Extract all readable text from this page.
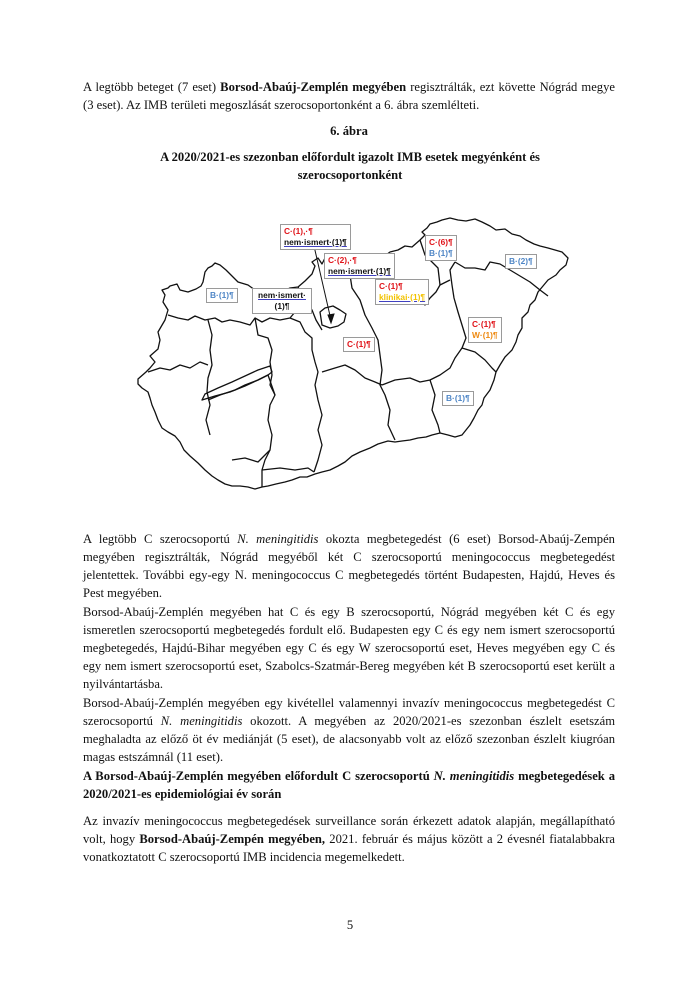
A legtöbb beteget (7 eset) Borsod-Abaúj-Zemplén megyében regisztrálták, ezt követte Nógrád megye (3 eset). Az IMB területi megoszlását szerocsoportonként a 6. ábra szemlélteti.

6. ábra

A 2020/2021-es szezonban előfordult igazolt IMB esetek megyénként és
szerocsoportonként

C·(1),·¶
nem·ismert·(1)¶
C·(2),·¶
nem·ismert·(1)¶
nem·ismert·
(1)¶
B·(1)¶
C·(1)¶
klinikai·(1)¶
C·(6)¶
B·(1)¶
B·(2)¶
C·(1)¶
W·(1)¶
C·(1)¶
B·(1)¶

A legtöbb C szerocsoportú N. meningitidis okozta megbetegedést (6 eset) Borsod-Abaúj-Zempén megyében regisztrálták, Nógrád megyéből két C szerocsoportú meningococcus megbetegedést jelentettek. További egy-egy N. meningococcus C megbetegedés történt Budapesten, Hajdú, Heves és Pest megyében.

Borsod-Abaúj-Zemplén megyében hat C és egy B szerocsoportú, Nógrád megyében két C és egy ismeretlen szerocsoportú megbetegedés fordult elő. Budapesten egy C és egy nem ismert szerocsoportú megbetegedés, Hajdú-Bihar megyében egy C és egy W szerocsoportú eset, Heves megyében egy C és egy nem ismert szerocsoportú eset, Szabolcs-Szatmár-Bereg megyében két B szerocsoportú eset került a nyilvántartásba.

Borsod-Abaúj-Zemplén megyében egy kivétellel valamennyi invazív meningococcus megbetegedést C szerocsoportú N. meningitidis okozott. A megyében az 2020/2021-es szezonban észlelt esetszám meghaladta az előző öt év mediánját (5 eset), de alacsonyabb volt az előző szezonban észlelt kiugróan magas estszámnál (11 eset).

A Borsod-Abaúj-Zemplén megyében előfordult C szerocsoportú N. meningitidis megbetegedések a 2020/2021-es epidemiológiai év során

Az invazív meningococcus megbetegedések surveillance során érkezett adatok alapján, megállapítható volt, hogy Borsod-Abaúj-Zempén megyében, 2021. február és május között a 2 évesnél fiatalabbakra vonatkoztatott C szerocsoportú IMB incidencia megemelkedett.

5
